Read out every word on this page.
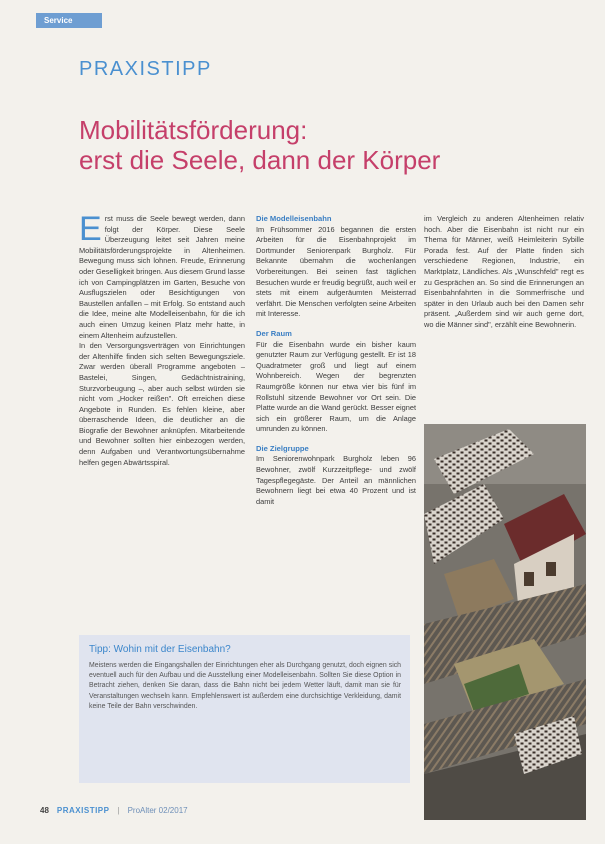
Service
PRAXISTIPP
Mobilitätsförderung:
erst die Seele, dann der Körper

Erst muss die Seele bewegt werden, dann folgt der Körper. Diese Seele Überzeugung leitet seit Jahren meine Mobilitätsförderungsprojekte in Altenheimen. Bewegung muss sich lohnen. Freude, Erinnerung oder Geselligkeit bringen. Aus diesem Grund lasse ich von Campingplätzen im Garten, Besuche von Ausflugszielen oder Besichtigungen von Baustellen anfallen – mit Erfolg. So entstand auch die Idee, meine alte Modelleisenbahn, für die ich auch einen Umzug keinen Platz mehr hatte, in einem Altenheim aufzustellen.

In den Versorgungsverträgen von Einrichtungen der Altenhilfe finden sich selten Bewegungsziele. Zwar werden überall Programme angeboten – Bastelei, Singen, Gedächtnistraining, Sturzvorbeugung –, aber auch selbst würden sie nicht vom „Hocker reißen". Oft erreichen diese Angebote in Runden. Es fehlen kleine, aber überraschende Ideen, die deutlicher an die Biografie der Bewohner anknüpfen. Mitarbeitende und Bewohner sollten hier einbezogen werden, denn Aufgaben und Verantwortungsübernahme helfen gegen Abwärtsspiral.

Die Modelleisenbahn

Im Frühsommer 2016 begannen die ersten Arbeiten für die Eisenbahnprojekt im Dortmunder Seniorenpark Burgholz. Für Bekannte übernahm die wochenlangen Vorbereitungen. Bei seinen fast täglichen Besuchen wurde er freudig begrüßt, auch weil er stets mit einem aufgeräumten Meisterrad verfährt. Die Menschen verfolgten seine Arbeiten mit Interesse.

Der Raum

Für die Eisenbahn wurde ein bisher kaum genutzter Raum zur Verfügung gestellt. Er ist 18 Quadratmeter groß und liegt auf einem Wohnbereich. Wegen der begrenzten Raumgröße können nur etwa vier bis fünf im Rollstuhl sitzende Bewohner vor Ort sein. Die Platte wurde an die Wand gerückt. Besser eignet sich ein größerer Raum, um die Anlage umrunden zu können.

Die Zielgruppe

Im Seniorenwohnpark Burgholz leben 96 Bewohner, zwölf Kurzzeitpflege- und zwölf Tagespflegegäste. Der Anteil an männlichen Bewohnern liegt bei etwa 40 Prozent und ist damit

im Vergleich zu anderen Altenheimen relativ hoch. Aber die Eisenbahn ist nicht nur ein Thema für Männer, weiß Heimleiterin Sybille Porada fest. Auf der Platte finden sich verschiedene Regionen, Industrie, ein Marktplatz, Ländliches. Als „Wunschfeld" regt es zu Gesprächen an. So sind die Erinnerungen an Eisenbahnfahrten in die Sommerfrische und später in den Urlaub auch bei den Damen sehr präsent. „Außerdem sind wir auch gerne dort, wo die Männer sind", erzählt eine Bewohnerin.

Tipp: Wohin mit der Eisenbahn?

Meistens werden die Eingangshallen der Einrichtungen eher als Durchgang genutzt, doch eignen sich eventuell auch für den Aufbau und die Ausstellung einer Modelleisenbahn. Sollten Sie diese Option in Betracht ziehen, denken Sie daran, dass die Bahn nicht bei jedem Wetter läuft, damit man sie für Veranstaltungen wechseln kann. Empfehlenswert ist außerdem eine durchsichtige Verkleidung, damit keine Teile der Bahn verschwinden.

48 PRAXISTIPP | ProAlter 02/2017
